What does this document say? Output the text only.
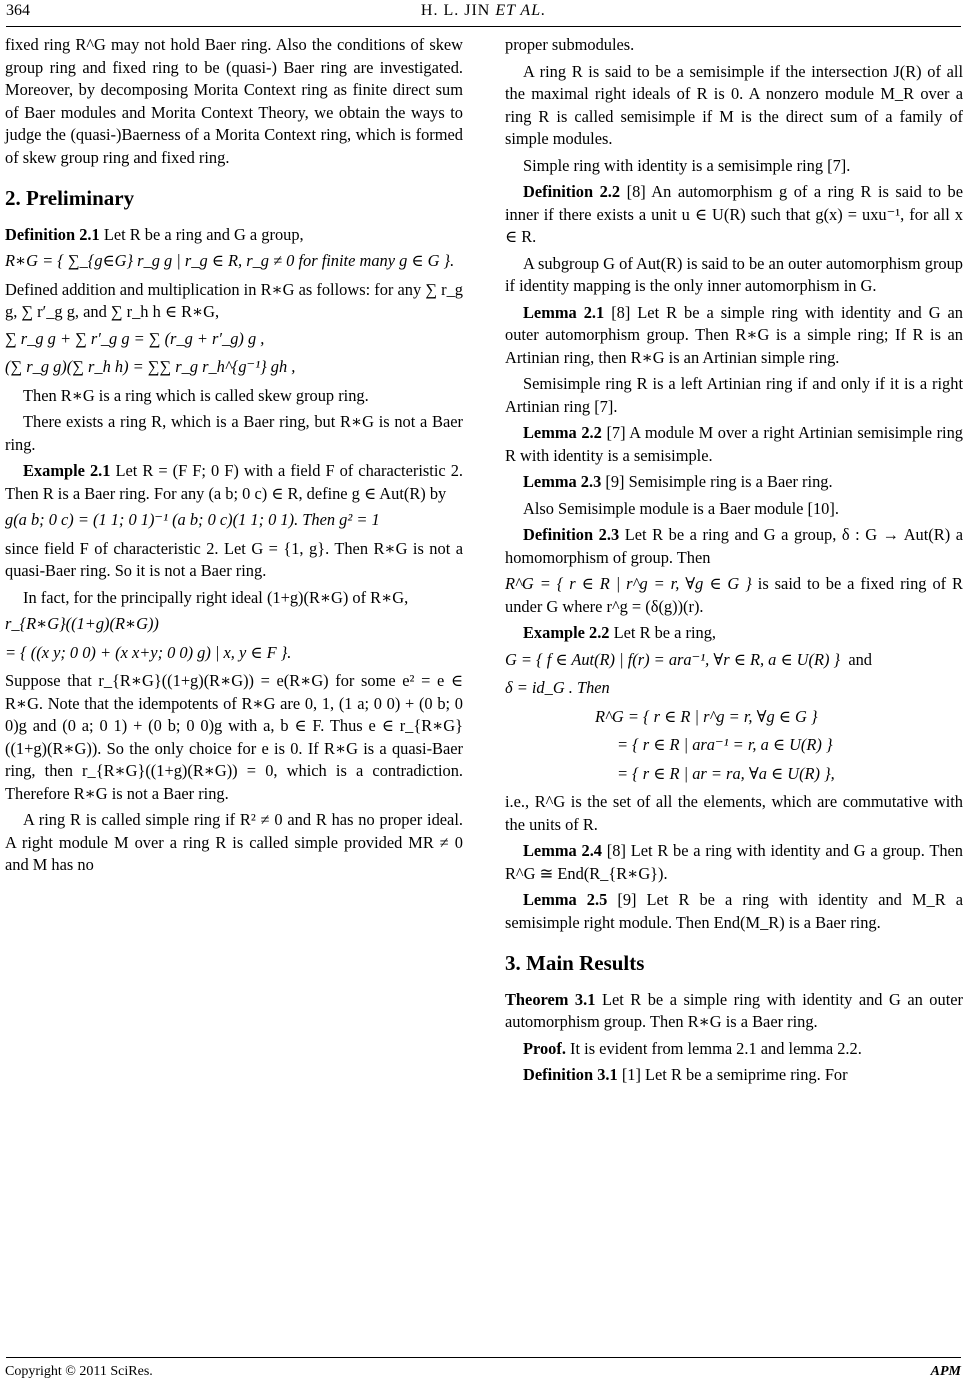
364	H. L. JIN ET AL.

fixed ring R^G may not hold Baer ring. Also the conditions of skew group ring and fixed ring to be (quasi-) Baer ring are investigated. Moreover, by decomposing Morita Context ring as finite direct sum of Baer modules and Morita Context Theory, we obtain the ways to judge the (quasi-)Baerness of a Morita Context ring, which is formed of skew group ring and fixed ring.

2. Preliminary

Definition 2.1 Let R be a ring and G a group,

R∗G = { ∑_{g∈G} r_g g | r_g ∈ R, r_g ≠ 0 for finite many g ∈ G }.

Defined addition and multiplication in R∗G as follows: for any ∑ r_g g, ∑ r′_g g, and ∑ r_h h ∈ R∗G,

∑ r_g g + ∑ r′_g g = ∑ (r_g + r′_g) g ,
(∑ r_g g)(∑ r_h h) = ∑∑ r_g r_h^{g⁻¹} gh ,

Then R∗G is a ring which is called skew group ring.

There exists a ring R, which is a Baer ring, but R∗G is not a Baer ring.

Example 2.1 Let R = (F F; 0 F) with a field F of characteristic 2. Then R is a Baer ring. For any (a b; 0 c) ∈ R, define g ∈ Aut(R) by

g(a b; 0 c) = (1 1; 0 1)⁻¹ (a b; 0 c)(1 1; 0 1). Then g² = 1

since field F of characteristic 2. Let G = {1, g}. Then R∗G is not a quasi-Baer ring. So it is not a Baer ring.

In fact, for the principally right ideal (1+g)(R∗G) of R∗G,

r_{R∗G}((1+g)(R∗G))
= { ((x y; 0 0) + (x x+y; 0 0) g) | x, y ∈ F }.

Suppose that r_{R∗G}((1+g)(R∗G)) = e(R∗G) for some e² = e ∈ R∗G. Note that the idempotents of R∗G are 0, 1, (1 a; 0 0) + (0 b; 0 0)g and (0 a; 0 1) + (0 b; 0 0)g with a, b ∈ F. Thus e ∈ r_{R∗G}((1+g)(R∗G)). So the only choice for e is 0. If R∗G is a quasi-Baer ring, then r_{R∗G}((1+g)(R∗G)) = 0, which is a contradiction. Therefore R∗G is not a Baer ring.

A ring R is called simple ring if R² ≠ 0 and R has no proper ideal. A right module M over a ring R is called simple provided MR ≠ 0 and M has no

proper submodules.

A ring R is said to be a semisimple if the intersection J(R) of all the maximal right ideals of R is 0. A nonzero module M_R over a ring R is called semisimple if M is the direct sum of a family of simple modules.

Simple ring with identity is a semisimple ring [7].

Definition 2.2 [8] An automorphism g of a ring R is said to be inner if there exists a unit u ∈ U(R) such that g(x) = uxu⁻¹, for all x ∈ R.

A subgroup G of Aut(R) is said to be an outer automorphism group if identity mapping is the only inner automorphism in G.

Lemma 2.1 [8] Let R be a simple ring with identity and G an outer automorphism group. Then R∗G is a simple ring; If R is an Artinian ring, then R∗G is an Artinian simple ring.

Semisimple ring R is a left Artinian ring if and only if it is a right Artinian ring [7].

Lemma 2.2 [7] A module M over a right Artinian semisimple ring R with identity is a semisimple.

Lemma 2.3 [9] Semisimple ring is a Baer ring.

Also Semisimple module is a Baer module [10].

Definition 2.3 Let R be a ring and G a group, δ : G → Aut(R) a homomorphism of group. Then

R^G = { r ∈ R | r^g = r, ∀g ∈ G } is said to be a fixed ring of R under G where r^g = (δ(g))(r).

Example 2.2 Let R be a ring,

G = { f ∈ Aut(R) | f(r) = ara⁻¹, ∀r ∈ R, a ∈ U(R) } and
δ = id_G . Then
R^G = { r ∈ R | r^g = r, ∀g ∈ G }
= { r ∈ R | ara⁻¹ = r, a ∈ U(R) }
= { r ∈ R | ar = ra, ∀a ∈ U(R) },

i.e., R^G is the set of all the elements, which are commutative with the units of R.

Lemma 2.4 [8] Let R be a ring with identity and G a group. Then R^G ≅ End(R_{R∗G}).

Lemma 2.5 [9] Let R be a ring with identity and M_R a semisimple right module. Then End(M_R) is a Baer ring.

3. Main Results

Theorem 3.1 Let R be a simple ring with identity and G an outer automorphism group. Then R∗G is a Baer ring.

Proof. It is evident from lemma 2.1 and lemma 2.2.

Definition 3.1 [1] Let R be a semiprime ring. For

Copyright © 2011 SciRes.	APM
